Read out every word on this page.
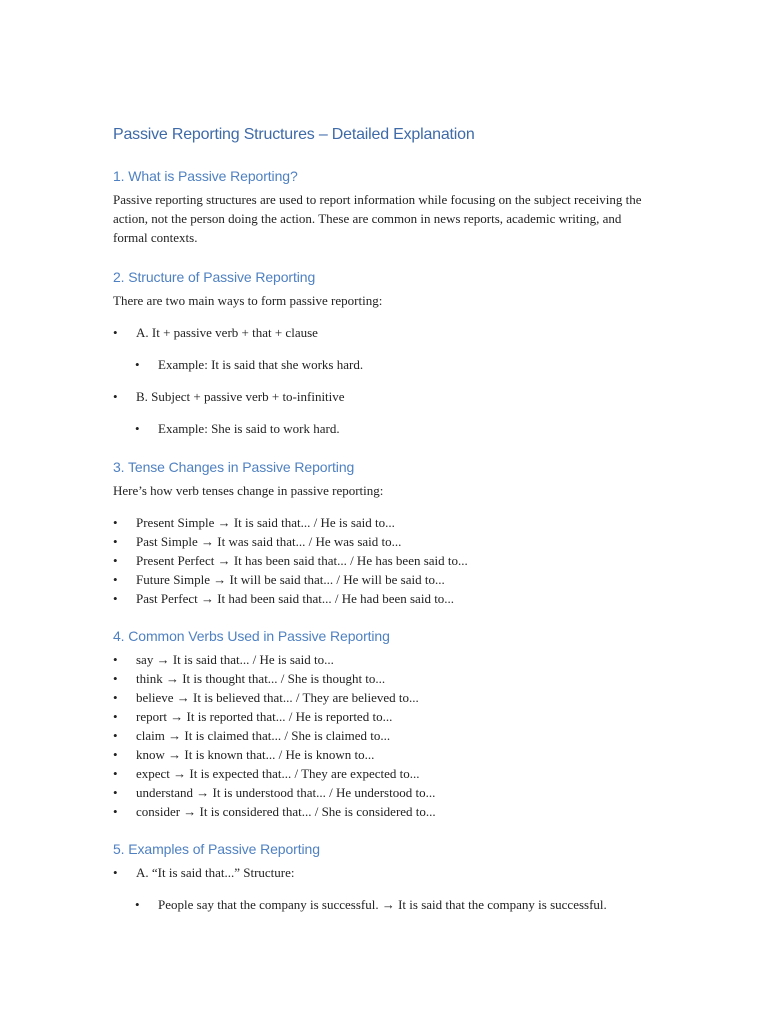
Passive Reporting Structures – Detailed Explanation
1. What is Passive Reporting?

Passive reporting structures are used to report information while focusing on the subject receiving the action, not the person doing the action. These are common in news reports, academic writing, and formal contexts.

2. Structure of Passive Reporting

There are two main ways to form passive reporting:

• A. It + passive verb + that + clause
• Example: It is said that she works hard.
• B. Subject + passive verb + to-infinitive
• Example: She is said to work hard.
3. Tense Changes in Passive Reporting

Here’s how verb tenses change in passive reporting:

• Present Simple → It is said that... / He is said to...
• Past Simple → It was said that... / He was said to...
• Present Perfect → It has been said that... / He has been said to...
• Future Simple → It will be said that... / He will be said to...
• Past Perfect → It had been said that... / He had been said to...
4. Common Verbs Used in Passive Reporting
• say → It is said that... / He is said to...
• think → It is thought that... / She is thought to...
• believe → It is believed that... / They are believed to...
• report → It is reported that... / He is reported to...
• claim → It is claimed that... / She is claimed to...
• know → It is known that... / He is known to...
• expect → It is expected that... / They are expected to...
• understand → It is understood that... / He understood to...
• consider → It is considered that... / She is considered to...
5. Examples of Passive Reporting
• A. “It is said that...” Structure:
• People say that the company is successful. → It is said that the company is successful.
